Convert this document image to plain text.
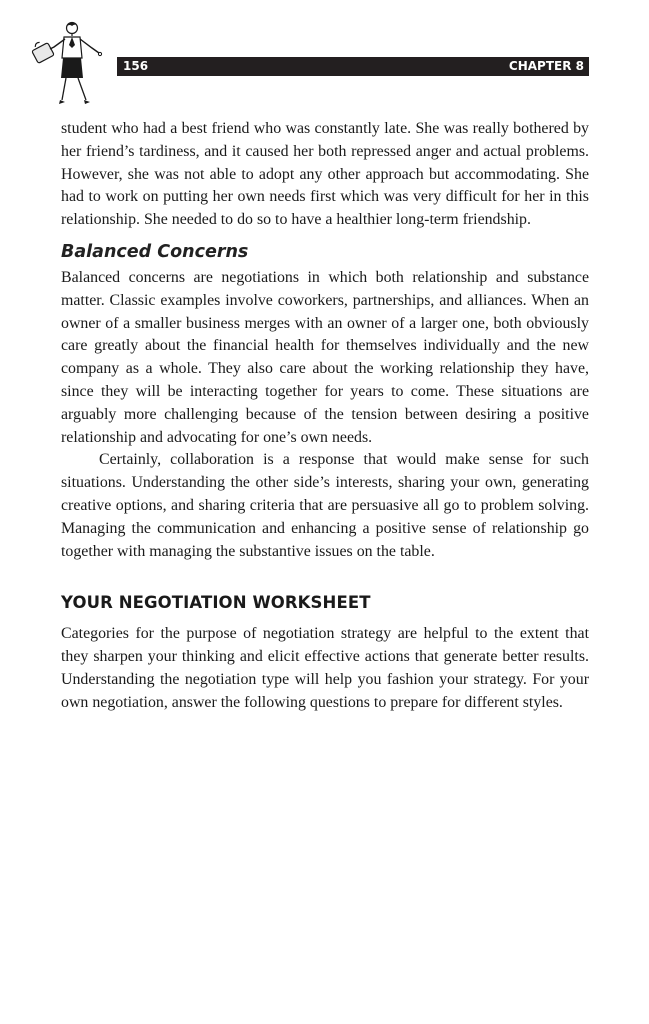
156	CHAPTER 8

student who had a best friend who was constantly late. She was really bothered by her friend’s tardiness, and it caused her both repressed anger and actual problems. However, she was not able to adopt any other approach but accommodating. She had to work on putting her own needs first which was very difficult for her in this relationship. She needed to do so to have a healthier long-term friendship.

Balanced Concerns

Balanced concerns are negotiations in which both relationship and substance matter. Classic examples involve coworkers, partnerships, and alliances. When an owner of a smaller business merges with an owner of a larger one, both obviously care greatly about the financial health for themselves individually and the new company as a whole. They also care about the working relationship they have, since they will be interacting together for years to come. These situations are arguably more challenging because of the tension between desiring a positive relationship and advocating for one’s own needs.

Certainly, collaboration is a response that would make sense for such situations. Understanding the other side’s interests, sharing your own, generating creative options, and sharing criteria that are persuasive all go to problem solving. Managing the communication and enhancing a positive sense of relationship go together with managing the substantive issues on the table.

YOUR NEGOTIATION WORKSHEET

Categories for the purpose of negotiation strategy are helpful to the extent that they sharpen your thinking and elicit effective actions that generate better results. Understanding the negotiation type will help you fashion your strategy. For your own negotiation, answer the following questions to prepare for different styles.
